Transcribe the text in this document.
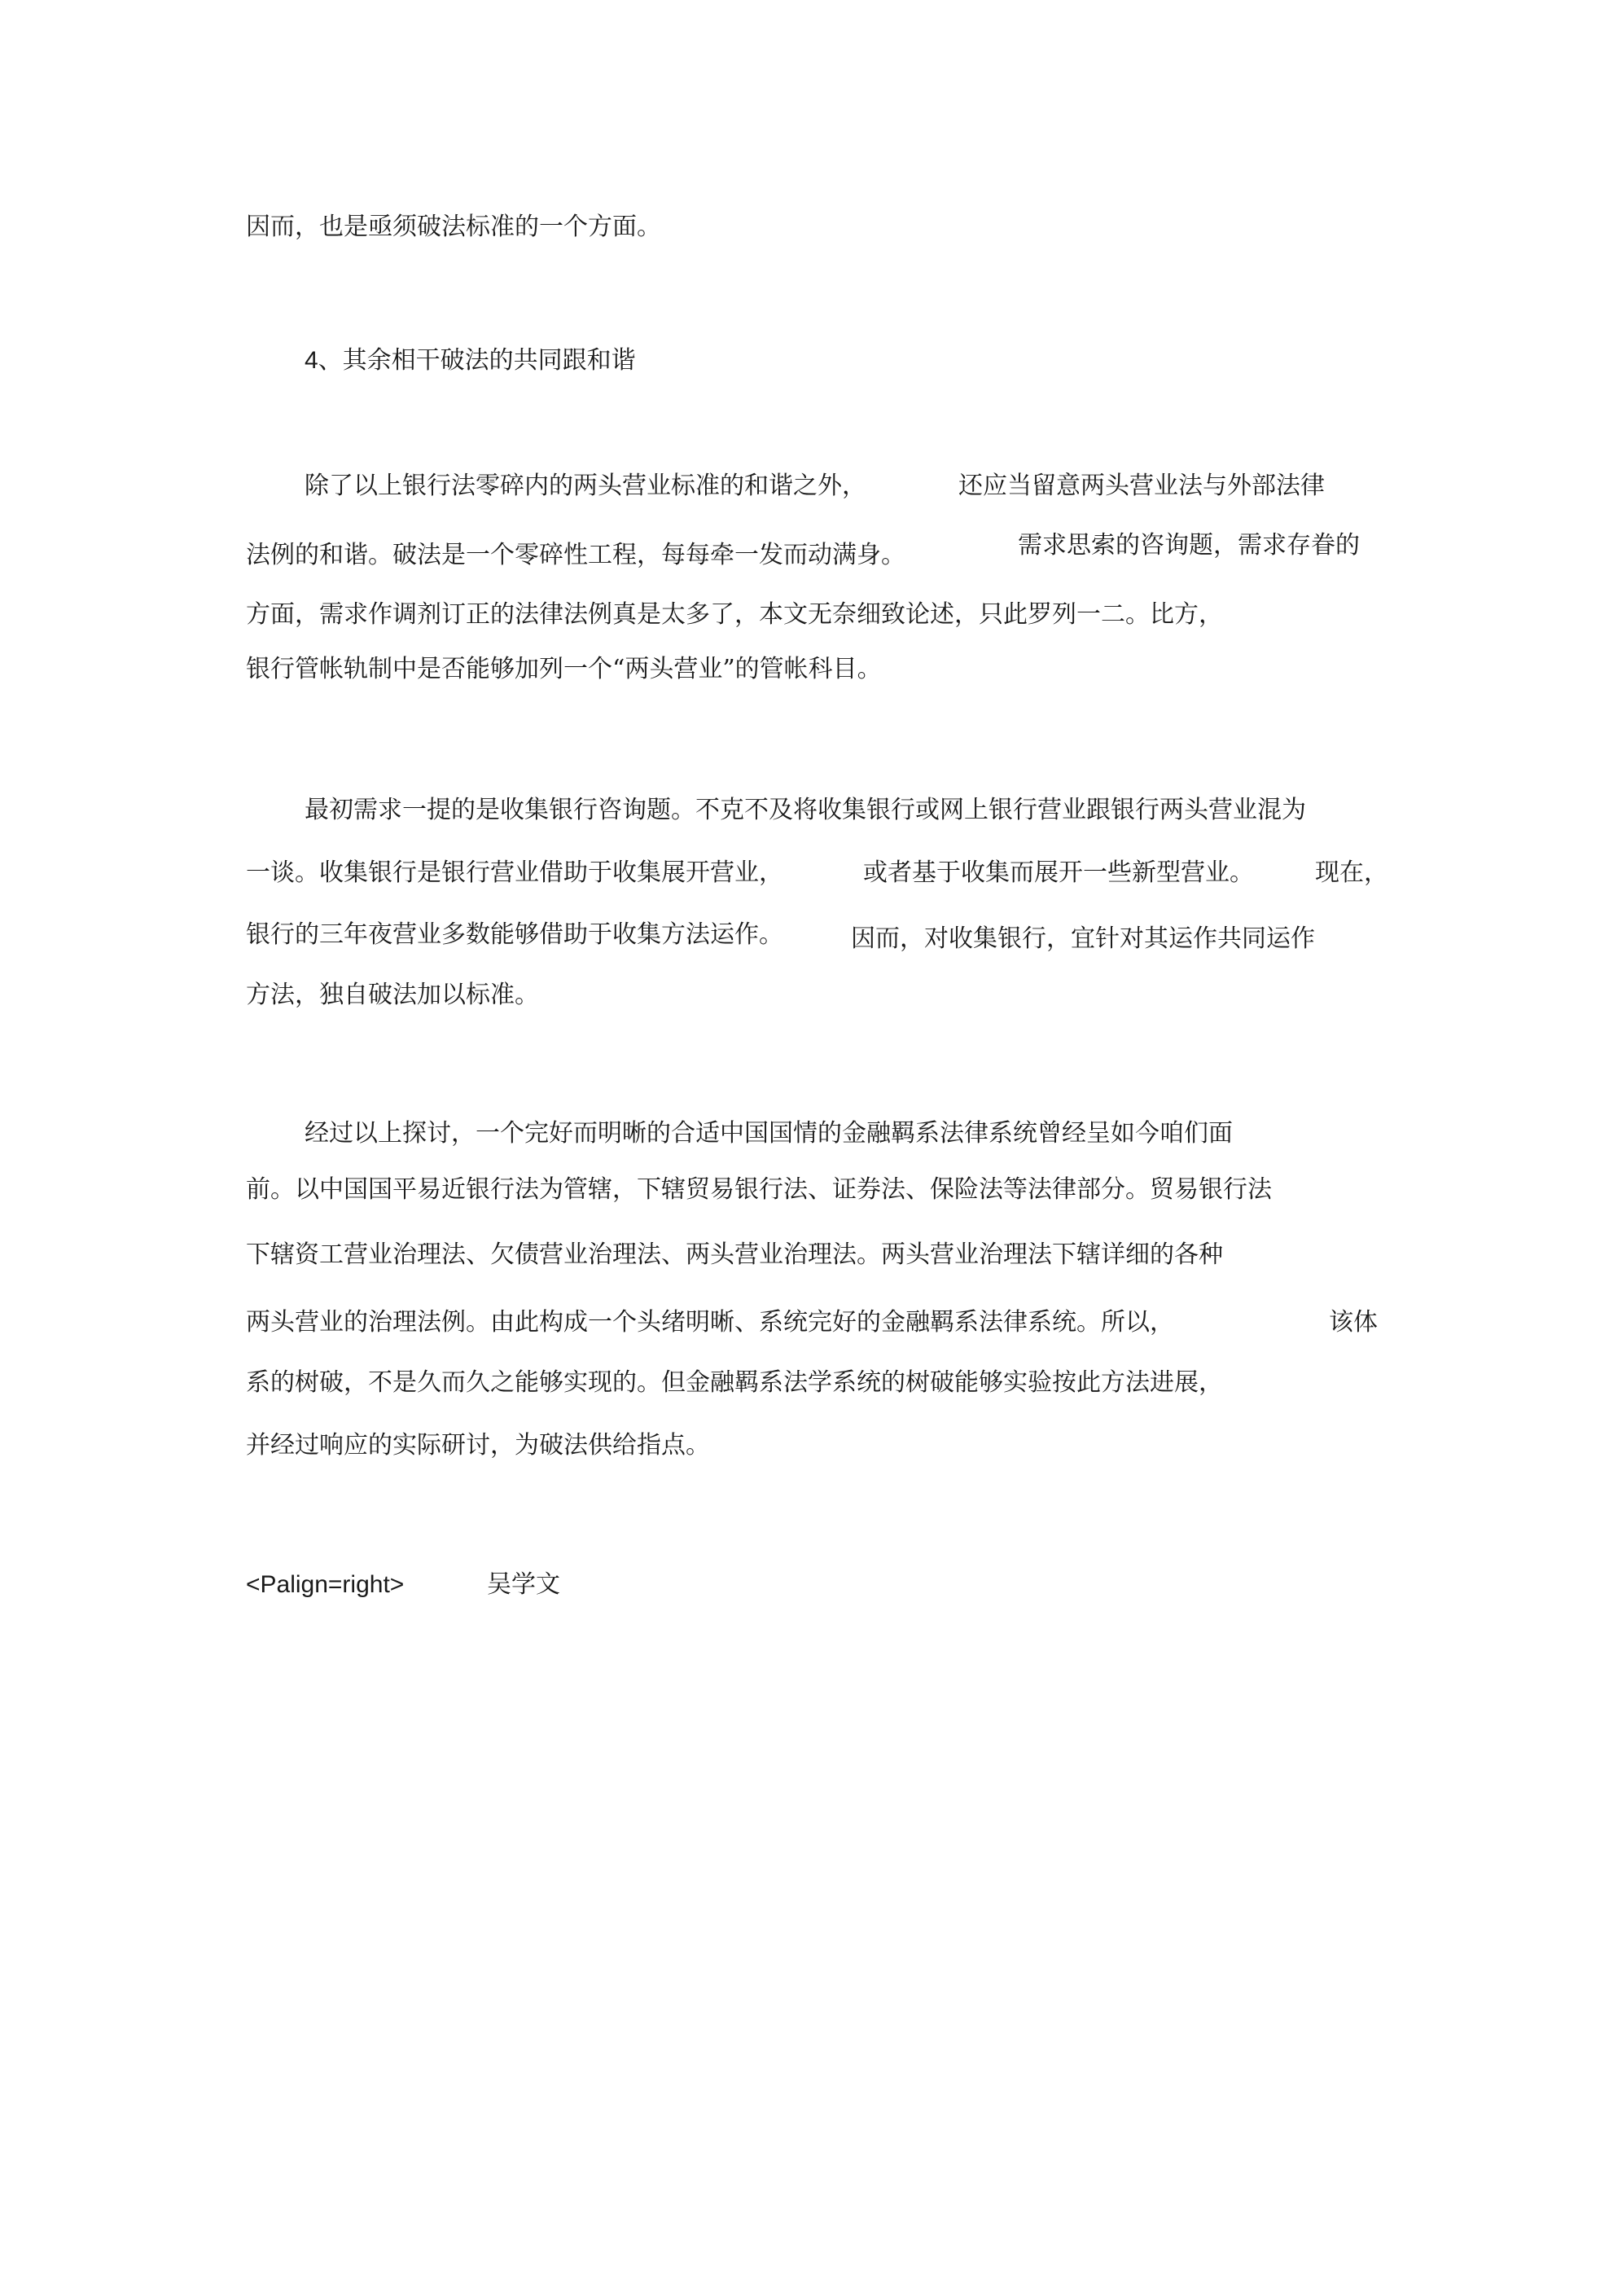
因而，也是亟须破法标准的一个方面。
4、其余相干破法的共同跟和谐
除了以上银行法零碎内的两头营业标准的和谐之外，	还应当留意两头营业法与外部法律
法例的和谐。破法是一个零碎性工程，每每牵一发而动满身。	需求思索的咨询题，需求存眷的
方面，需求作调剂订正的法律法例真是太多了，本文无奈细致论述，只此罗列一二。比方，
银行管帐轨制中是否能够加列一个“两头营业”的管帐科目。
最初需求一提的是收集银行咨询题。不克不及将收集银行或网上银行营业跟银行两头营业混为
一谈。收集银行是银行营业借助于收集展开营业，	或者基于收集而展开一些新型营业。	现在，
银行的三年夜营业多数能够借助于收集方法运作。	因而，对收集银行，宜针对其运作共同运作
方法，独自破法加以标准。
经过以上探讨，一个完好而明晰的合适中国国情的金融羁系法律系统曾经呈如今咱们面
前。以中国国平易近银行法为管辖，下辖贸易银行法、证券法、保险法等法律部分。贸易银行法
下辖资工营业治理法、欠债营业治理法、两头营业治理法。两头营业治理法下辖详细的各种
两头营业的治理法例。由此构成一个头绪明晰、系统完好的金融羁系法律系统。所以，	该体
系的树破，不是久而久之能够实现的。但金融羁系法学系统的树破能够实验按此方法进展，
并经过响应的实际研讨，为破法供给指点。
<Palign=right>	吴学文
